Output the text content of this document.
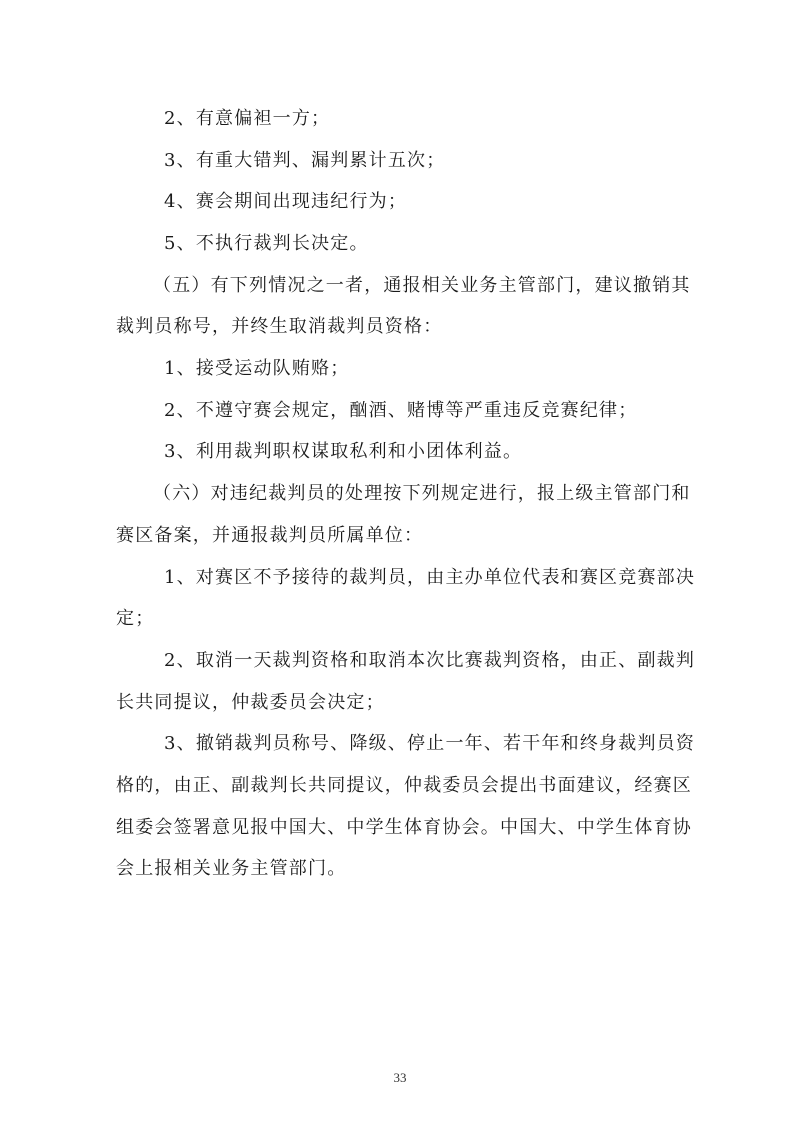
2、有意偏袒一方；
3、有重大错判、漏判累计五次；
4、赛会期间出现违纪行为；
5、不执行裁判长决定。
（五）有下列情况之一者，通报相关业务主管部门，建议撤销其
裁判员称号，并终生取消裁判员资格：
1、接受运动队贿赂；
2、不遵守赛会规定，酗酒、赌博等严重违反竞赛纪律；
3、利用裁判职权谋取私利和小团体利益。
（六）对违纪裁判员的处理按下列规定进行，报上级主管部门和
赛区备案，并通报裁判员所属单位：
1、对赛区不予接待的裁判员，由主办单位代表和赛区竞赛部决
定；
2、取消一天裁判资格和取消本次比赛裁判资格，由正、副裁判
长共同提议，仲裁委员会决定；
3、撤销裁判员称号、降级、停止一年、若干年和终身裁判员资
格的，由正、副裁判长共同提议，仲裁委员会提出书面建议，经赛区
组委会签署意见报中国大、中学生体育协会。中国大、中学生体育协
会上报相关业务主管部门。
33
